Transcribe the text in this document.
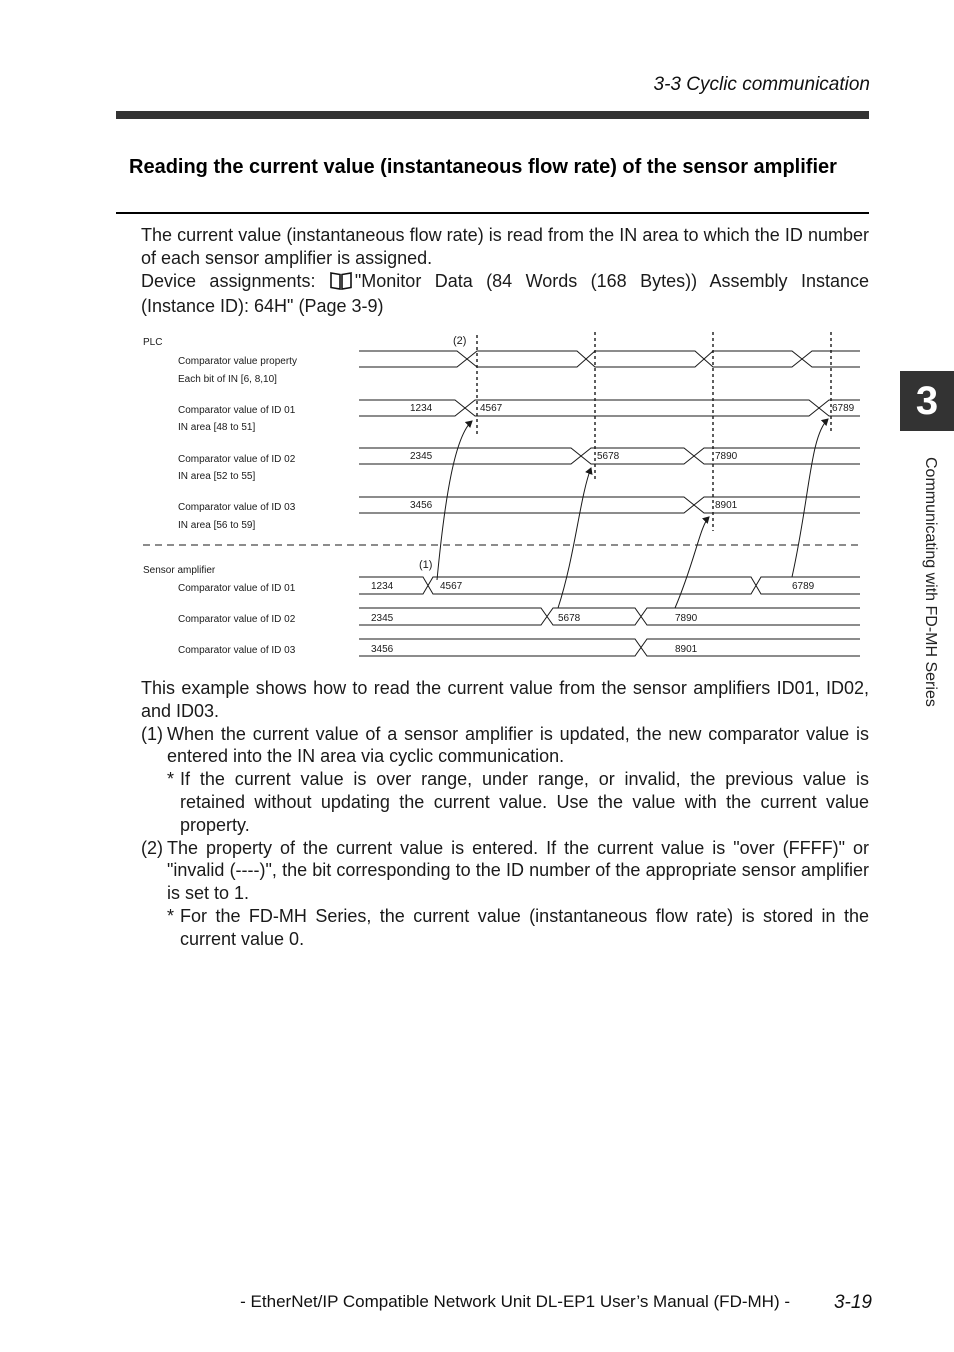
3-3 Cyclic communication
Reading the current value (instantaneous flow rate) of the sensor amplifier

The current value (instantaneous flow rate) is read from the IN area to which the ID number of each sensor amplifier is assigned.

Device assignments: "Monitor Data (84 Words (168 Bytes)) Assembly Instance (Instance ID): 64H" (Page 3-9)

PLC
Comparator value property
Each bit of IN [6, 8,10]
Comparator value of ID 01
IN area [48 to 51]
Comparator value of ID 02
IN area [52 to 55]
Comparator value of ID 03
IN area [56 to 59]
1234	4567	6789
2345	5678	7890
3456	8901
(2)
Sensor amplifier
Comparator value of ID 01
Comparator value of ID 02
Comparator value of ID 03
1234	4567	6789
2345	5678	7890
3456	8901
(1)

This example shows how to read the current value from the sensor amplifiers ID01, ID02, and ID03.

(1) When the current value of a sensor amplifier is updated, the new comparator value is entered into the IN area via cyclic communication.

* If the current value is over range, under range, or invalid, the previous value is retained without updating the current value. Use the value with the current value property.

(2) The property of the current value is entered. If the current value is "over (FFFF)" or "invalid (----)", the bit corresponding to the ID number of the appropriate sensor amplifier is set to 1.

* For the FD-MH Series, the current value (instantaneous flow rate) is stored in the current value 0.

3
Communicating with FD-MH Series
- EtherNet/IP Compatible Network Unit DL-EP1 User’s Manual (FD-MH) -	3-19
